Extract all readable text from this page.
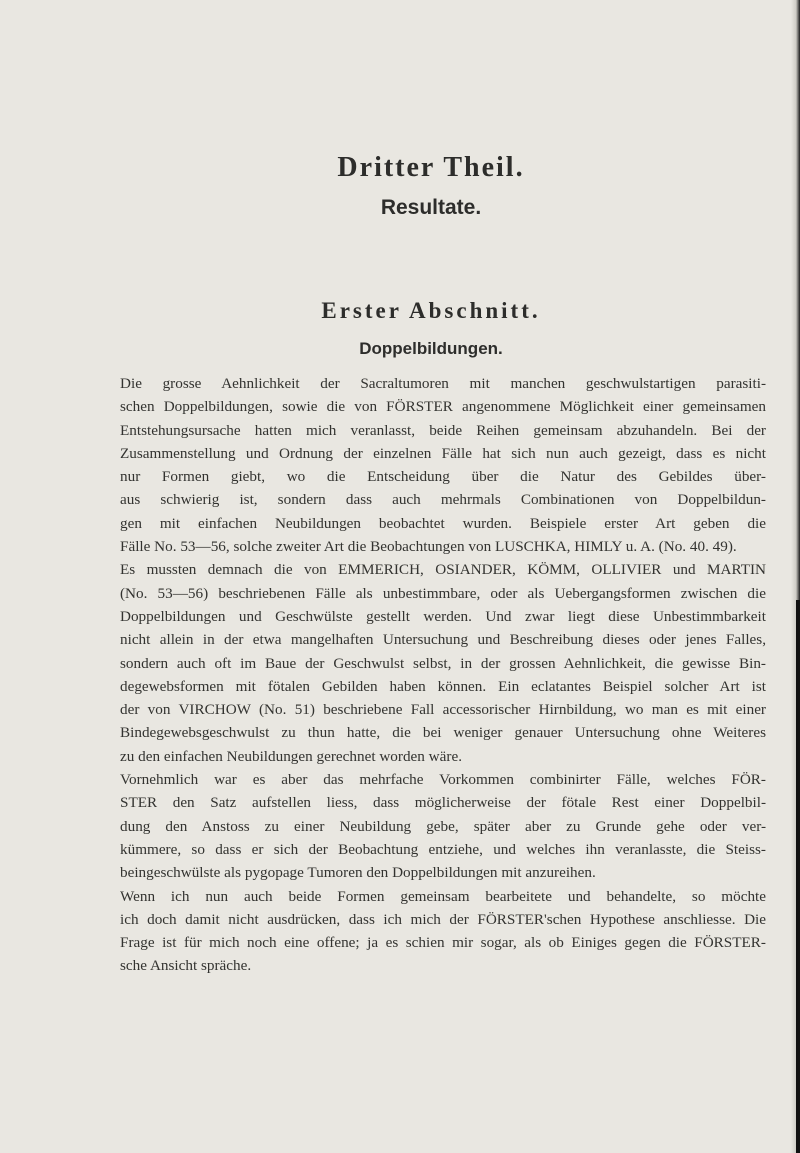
Dritter Theil.
Resultate.
Erster Abschnitt.
Doppelbildungen.

Die grosse Aehnlichkeit der Sacraltumoren mit manchen geschwulstartigen parasiti-
schen Doppelbildungen, sowie die von FÖRSTER angenommene Möglichkeit einer gemeinsamen
Entstehungsursache hatten mich veranlasst, beide Reihen gemeinsam abzuhandeln. Bei der
Zusammenstellung und Ordnung der einzelnen Fälle hat sich nun auch gezeigt, dass es nicht
nur Formen giebt, wo die Entscheidung über die Natur des Gebildes über-
aus schwierig ist, sondern dass auch mehrmals Combinationen von Doppelbildun-
gen mit einfachen Neubildungen beobachtet wurden. Beispiele erster Art geben die
Fälle No. 53—56, solche zweiter Art die Beobachtungen von LUSCHKA, HIMLY u. A. (No. 40. 49).

Es mussten demnach die von EMMERICH, OSIANDER, KÖMM, OLLIVIER und MARTIN
(No. 53—56) beschriebenen Fälle als unbestimmbare, oder als Uebergangsformen zwischen die
Doppelbildungen und Geschwülste gestellt werden. Und zwar liegt diese Unbestimmbarkeit
nicht allein in der etwa mangelhaften Untersuchung und Beschreibung dieses oder jenes Falles,
sondern auch oft im Baue der Geschwulst selbst, in der grossen Aehnlichkeit, die gewisse Bin-
degewebsformen mit fötalen Gebilden haben können. Ein eclatantes Beispiel solcher Art ist
der von VIRCHOW (No. 51) beschriebene Fall accessorischer Hirnbildung, wo man es mit einer
Bindegewebsgeschwulst zu thun hatte, die bei weniger genauer Untersuchung ohne Weiteres
zu den einfachen Neubildungen gerechnet worden wäre.

Vornehmlich war es aber das mehrfache Vorkommen combinirter Fälle, welches FÖR-
STER den Satz aufstellen liess, dass möglicherweise der fötale Rest einer Doppelbil-
dung den Anstoss zu einer Neubildung gebe, später aber zu Grunde gehe oder ver-
kümmere, so dass er sich der Beobachtung entziehe, und welches ihn veranlasste, die Steiss-
beingeschwülste als pygopage Tumoren den Doppelbildungen mit anzureihen.

Wenn ich nun auch beide Formen gemeinsam bearbeitete und behandelte, so möchte
ich doch damit nicht ausdrücken, dass ich mich der FÖRSTER'schen Hypothese anschliesse. Die
Frage ist für mich noch eine offene; ja es schien mir sogar, als ob Einiges gegen die FÖRSTER-
sche Ansicht spräche.
